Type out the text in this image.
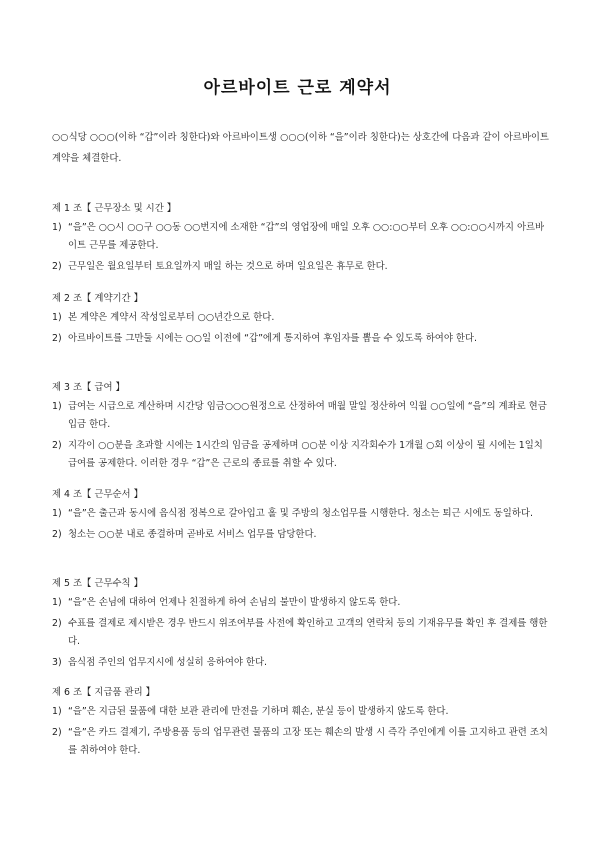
아르바이트 근로 계약서
○○식당 ○○○(이하 “갑”이라 칭한다)와 아르바이트생 ○○○(이하 “을”이라 칭한다)는 상호간에 다음과 같이 아르바이트 계약을 체결한다.
제 1 조【 근무장소 및 시간 】
1) “을”은 ○○시 ○○구 ○○동 ○○번지에 소재한 “갑”의 영업장에 매일 오후 ○○:○○부터 오후 ○○:○○시까지 아르바이트 근무를 제공한다.
2) 근무일은 월요일부터 토요일까지 매일 하는 것으로 하며 일요일은 휴무로 한다.
제 2 조【 계약기간 】
1) 본 계약은 계약서 작성일로부터 ○○년간으로 한다.
2) 아르바이트를 그만둘 시에는 ○○일 이전에 “갑”에게 통지하여 후임자를 뽑을 수 있도록 하여야 한다.
제 3 조【 급여 】
1) 급여는 시급으로 계산하며 시간당 임금○○○원정으로 산정하여 매월 말일 정산하여 익월 ○○일에 “을”의 계좌로 현금입금 한다.
2) 지각이 ○○분을 초과할 시에는 1시간의 임금을 공제하며 ○○분 이상 지각회수가 1개월 ○회 이상이 될 시에는 1일치 급여를 공제한다. 이러한 경우 “갑”은 근로의 종료를 취할 수 있다.
제 4 조【 근무순서 】
1) “을”은 출근과 동시에 음식점 정복으로 갈아입고 홀 및 주방의 청소업무를 시행한다. 청소는 퇴근 시에도 동일하다.
2) 청소는 ○○분 내로 종결하며 곧바로 서비스 업무를 담당한다.
제 5 조【 근무수칙 】
1) “을”은 손님에 대하여 언제나 친절하게 하여 손님의 불만이 발생하지 않도록 한다.
2) 수표를 결제로 제시받은 경우 반드시 위조여부를 사전에 확인하고 고객의 연락처 등의 기재유무를 확인 후 결제를 행한다.
3) 음식점 주인의 업무지시에 성실히 응하여야 한다.
제 6 조【 지급품 관리 】
1) “을”은 지급된 물품에 대한 보관 관리에 만전을 기하며 훼손, 분실 등이 발생하지 않도록 한다.
2) “을”은 카드 결제기, 주방용품 등의 업무관련 물품의 고장 또는 훼손의 발생 시 즉각 주인에게 이를 고지하고 관련 조치를 취하여야 한다.
